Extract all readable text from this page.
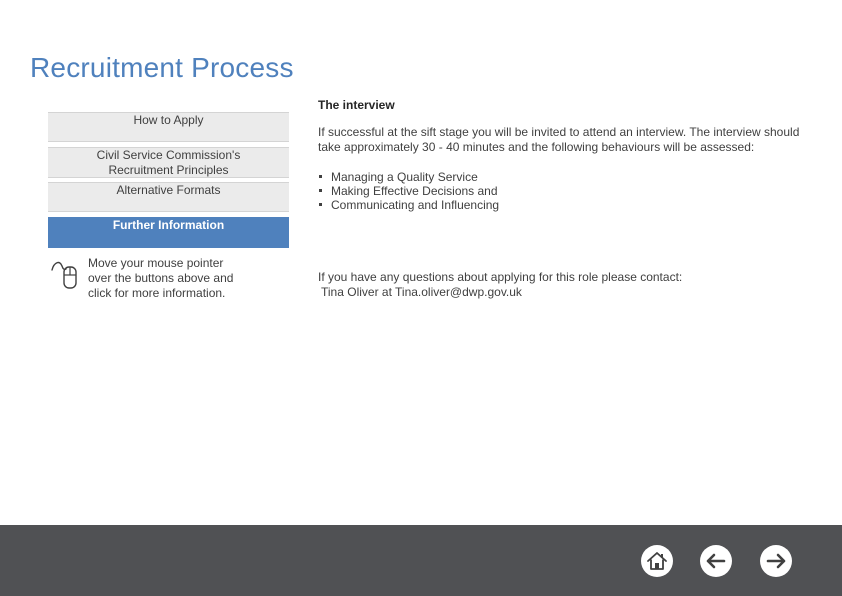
Recruitment Process
How to Apply
Civil Service Commission's Recruitment Principles
Alternative Formats
Further Information
Move your mouse pointer over the buttons above and click for more information.

The interview

If successful at the sift stage you will be invited to attend an interview. The interview should take approximately 30 - 40 minutes and the following behaviours will be assessed:

Managing a Quality Service
Making Effective Decisions and
Communicating and Influencing
If you have any questions about applying for this role please contact:
Tina Oliver at Tina.oliver@dwp.gov.uk
